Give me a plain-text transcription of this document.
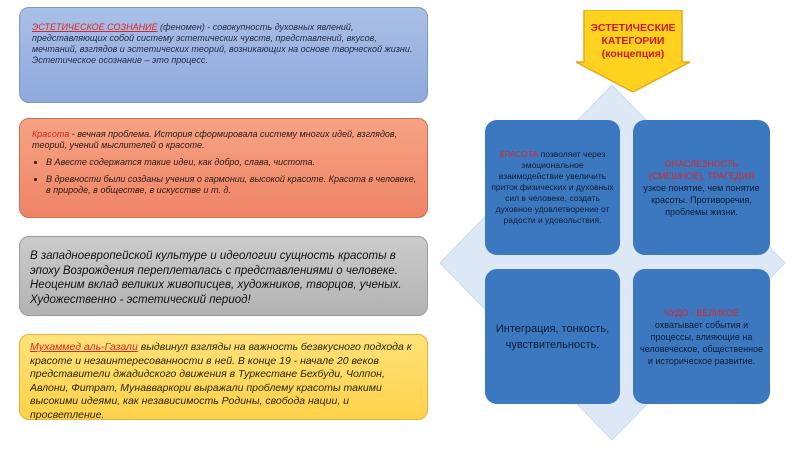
ЭСТЕТИЧЕСКОЕ СОЗНАНИЕ (феномен) - совокупность духовных явлений, представляющих собой систему эстетических чувств, представлений, вкусов, мечтаний, взглядов и эстетических теорий, возникающих на основе творческой жизни.
Эстетическое осознание – это процесс.
Красота - вечная проблема. История сформировала систему многих идей, взглядов, теорий, учений мыслителей о красоте.
• В Авесте содержатся такие идеи, как добро, слава, чистота.
• В древности были созданы учения о гармонии, высокой красоте. Красота в человеке, в природе, в обществе, в искусстве и т. д.
В западноевропейской культуре и идеологии сущность красоты в эпоху Возрождения переплеталась с представлениями о человеке. Неоценим вклад великих живописцев, художников, творцов, ученых. Художественно - эстетический период!
Мухаммед аль-Газали выдвинул взгляды на важность безвкусного подхода к красоте и незаинтересованности в ней. В конце 19 - начале 20 веков представители джадидского движения в Туркестане Бехбуди, Чолпон, Авлони, Фитрат, Мунавваркори выражали проблему красоты такими высокими идеями, как независимость Родины, свобода нации, и просветление.
ЭСТЕТИЧЕСКИЕ
КАТЕГОРИИ
(концепция)
КРАСОТА позволяет через эмоциональное взаимодействие увеличить приток физических и духовных сил в человеке, создать духовное удовлетворение от радости и удовольствия.
ОНАСЛЕЗНОСТЬ (СМЕШНОЕ), ТРАГЕДИЯ узкое понятие, чем понятие красоты. Противоречия, проблемы жизни.
Интеграция, тонкость, чувствительность.
ЧУДО - ВЕЛИКОЕ охватывает события и процессы, влияющие на человеческое, общественное и историческое развитие.
